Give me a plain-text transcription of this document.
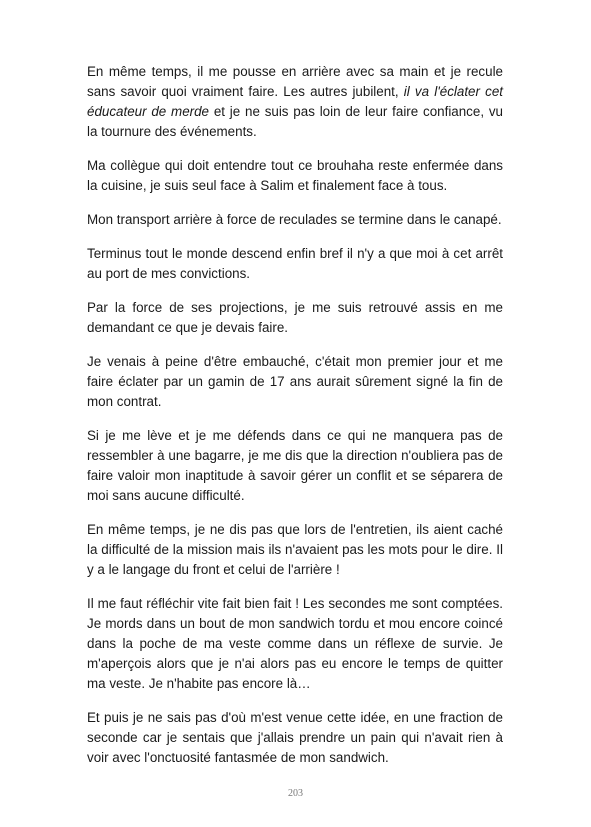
En même temps, il me pousse en arrière avec sa main et je recule sans savoir quoi vraiment faire. Les autres jubilent, il va l'éclater cet éducateur de merde et je ne suis pas loin de leur faire confiance, vu la tournure des événements.

Ma collègue qui doit entendre tout ce brouhaha reste enfermée dans la cuisine, je suis seul face à Salim et finalement face à tous.

Mon transport arrière à force de reculades se termine dans le canapé.

Terminus tout le monde descend enfin bref il n'y a que moi à cet arrêt au port de mes convictions.

Par la force de ses projections, je me suis retrouvé assis en me demandant ce que je devais faire.

Je venais à peine d'être embauché, c'était mon premier jour et me faire éclater par un gamin de 17 ans aurait sûrement signé la fin de mon contrat.

Si je me lève et je me défends dans ce qui ne manquera pas de ressembler à une bagarre, je me dis que la direction n'oubliera pas de faire valoir mon inaptitude à savoir gérer un conflit et se séparera de moi sans aucune difficulté.

En même temps, je ne dis pas que lors de l'entretien, ils aient caché la difficulté de la mission mais ils n'avaient pas les mots pour le dire. Il y a le langage du front et celui de l'arrière !

Il me faut réfléchir vite fait bien fait ! Les secondes me sont comptées. Je mords dans un bout de mon sandwich tordu et mou encore coincé dans la poche de ma veste comme dans un réflexe de survie. Je m'aperçois alors que je n'ai alors pas eu encore le temps de quitter ma veste. Je n'habite pas encore là…

Et puis je ne sais pas d'où m'est venue cette idée, en une fraction de seconde car je sentais que j'allais prendre un pain qui n'avait rien à voir avec l'onctuosité fantasmée de mon sandwich.

203
